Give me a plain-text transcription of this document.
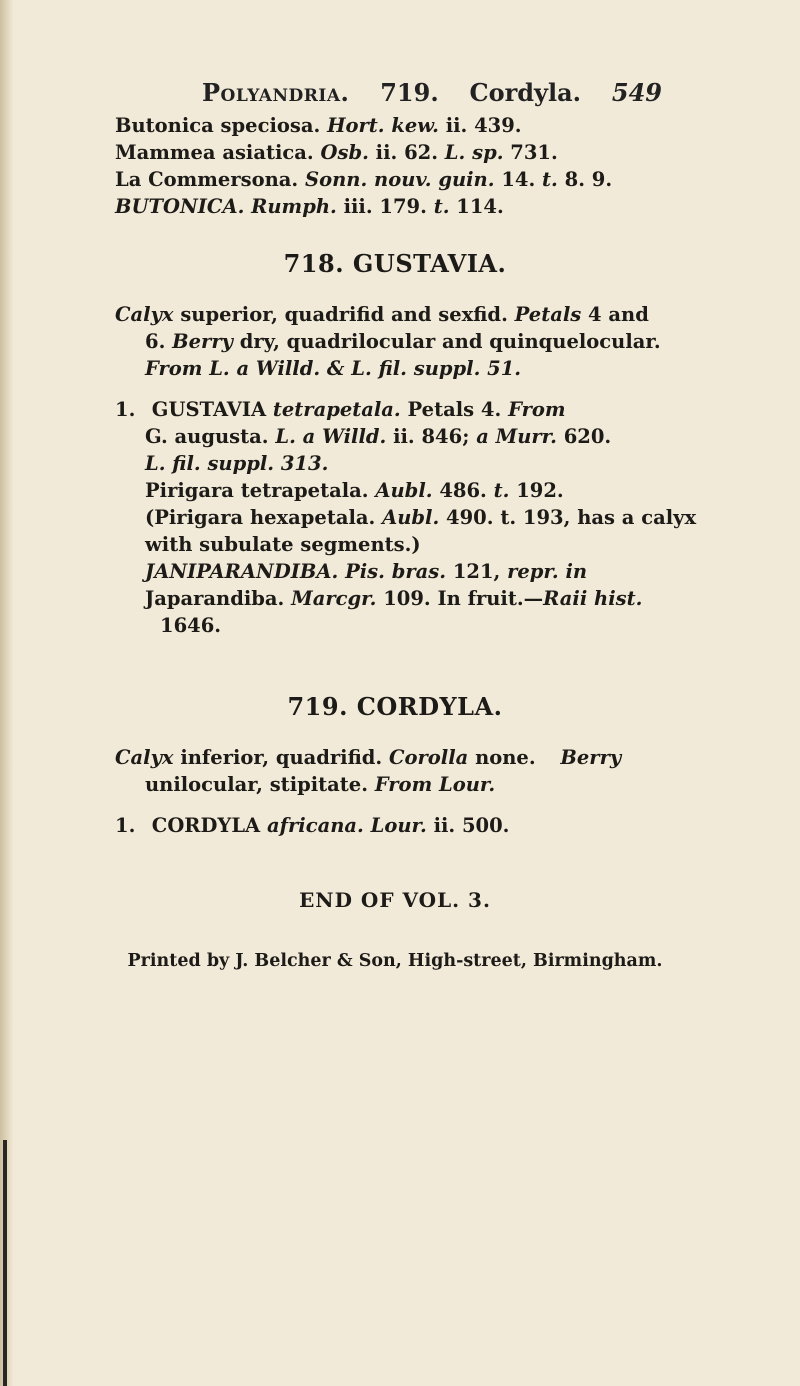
Polyandria. 719. Cordyla. 549
Butonica speciosa. Hort. kew. ii. 439.
Mammea asiatica. Osb. ii. 62. L. sp. 731.
La Commersona. Sonn. nouv. guin. 14. t. 8. 9.
BUTONICA. Rumph. iii. 179. t. 114.
718. GUSTAVIA.
Calyx superior, quadrifid and sexfid. Petals 4 and
6. Berry dry, quadrilocular and quinquelocular.
From L. a Willd. & L. fil. suppl. 51.
1. GUSTAVIA tetrapetala. Petals 4. From
G. augusta. L. a Willd. ii. 846; a Murr. 620.
L. fil. suppl. 313.
Pirigara tetrapetala. Aubl. 486. t. 192.
(Pirigara hexapetala. Aubl. 490. t. 193, has a calyx
with subulate segments.)
JANIPARANDIBA. Pis. bras. 121, repr. in
Japarandiba. Marcgr. 109. In fruit.—Raii hist.
1646.
719. CORDYLA.
Calyx inferior, quadrifid. Corolla none. Berry
unilocular, stipitate. From Lour.
1. CORDYLA africana. Lour. ii. 500.
END OF VOL. 3.
Printed by J. Belcher & Son, High-street, Birmingham.
